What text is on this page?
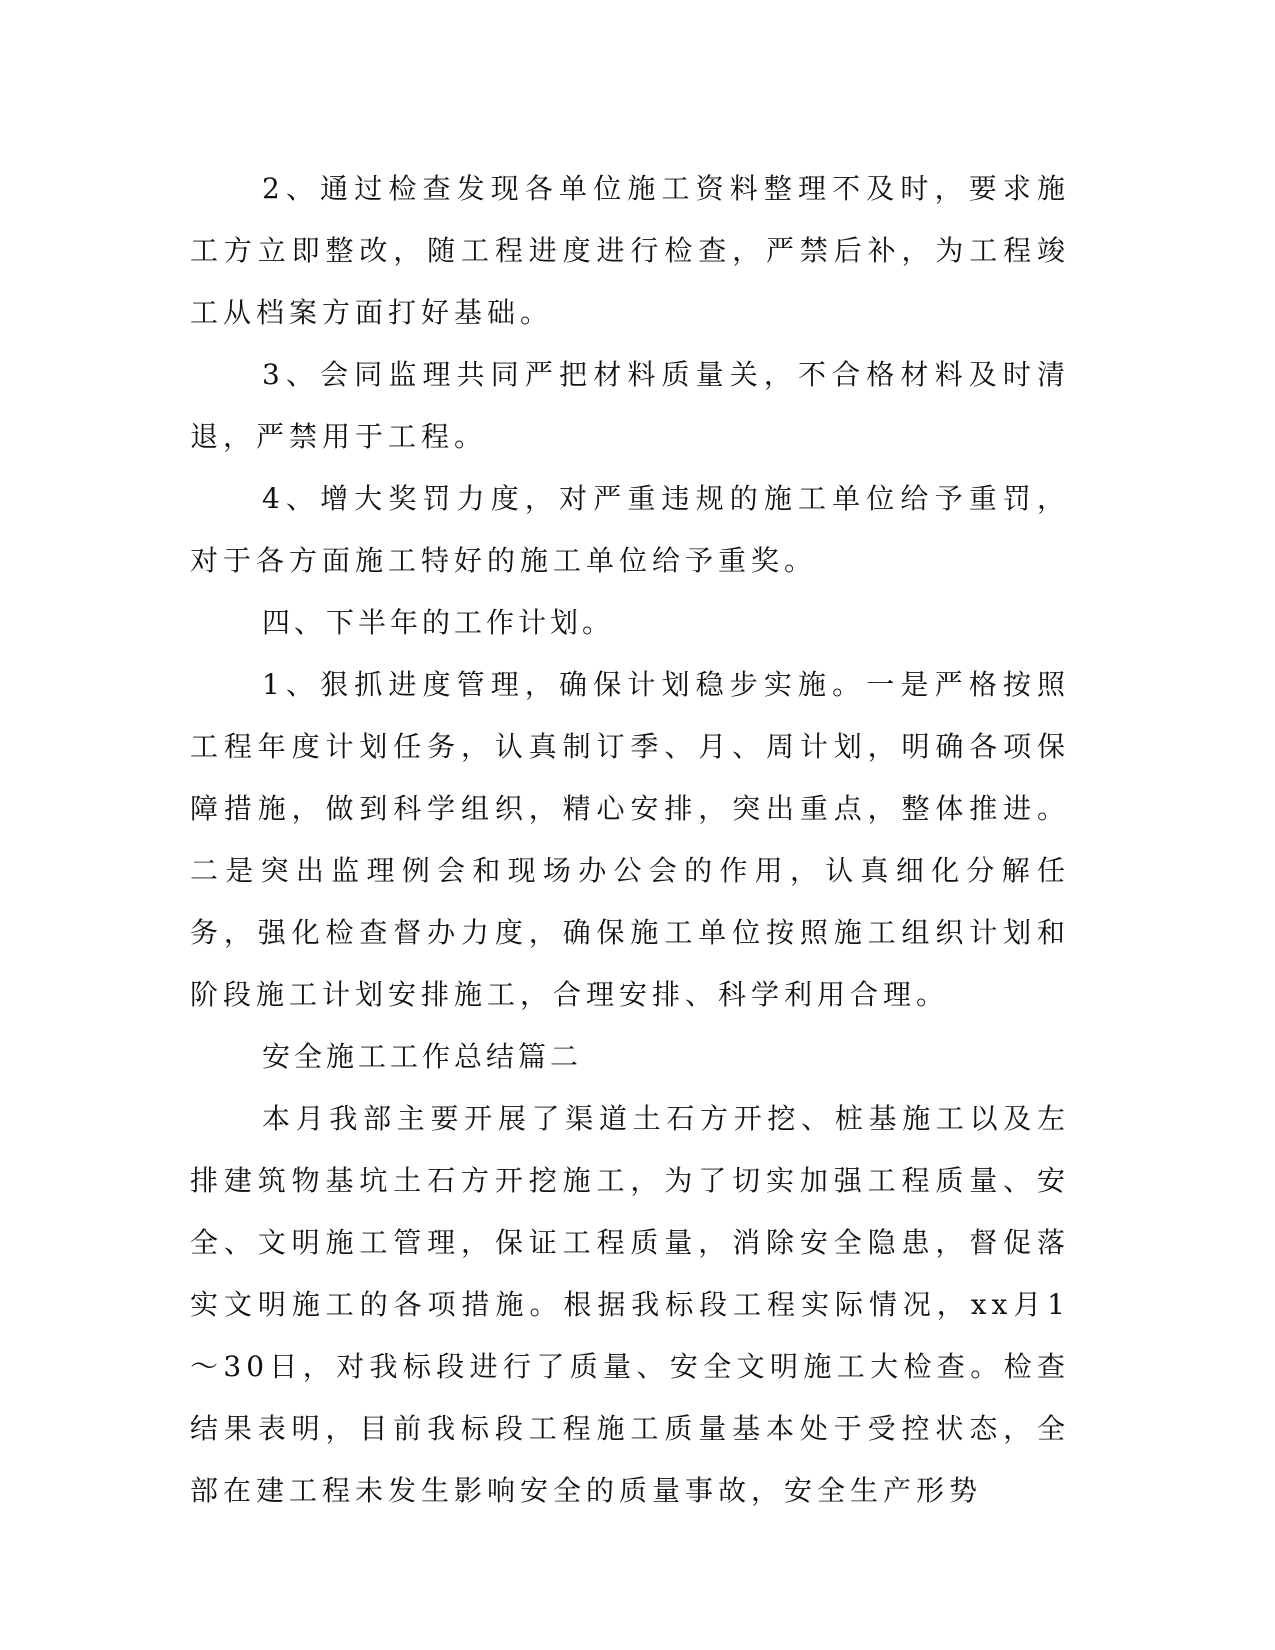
2、通过检查发现各单位施工资料整理不及时，要求施工方立即整改，随工程进度进行检查，严禁后补，为工程竣工从档案方面打好基础。

3、会同监理共同严把材料质量关，不合格材料及时清退，严禁用于工程。

4、增大奖罚力度，对严重违规的施工单位给予重罚，对于各方面施工特好的施工单位给予重奖。

四、下半年的工作计划。

1、狠抓进度管理，确保计划稳步实施。一是严格按照工程年度计划任务，认真制订季、月、周计划，明确各项保障措施，做到科学组织，精心安排，突出重点，整体推进。二是突出监理例会和现场办公会的作用，认真细化分解任务，强化检查督办力度，确保施工单位按照施工组织计划和阶段施工计划安排施工，合理安排、科学利用合理。

安全施工工作总结篇二

本月我部主要开展了渠道土石方开挖、桩基施工以及左排建筑物基坑土石方开挖施工，为了切实加强工程质量、安全、文明施工管理，保证工程质量，消除安全隐患，督促落实文明施工的各项措施。根据我标段工程实际情况，xx月1～30日，对我标段进行了质量、安全文明施工大检查。检查结果表明，目前我标段工程施工质量基本处于受控状态，全部在建工程未发生影响安全的质量事故，安全生产形势
